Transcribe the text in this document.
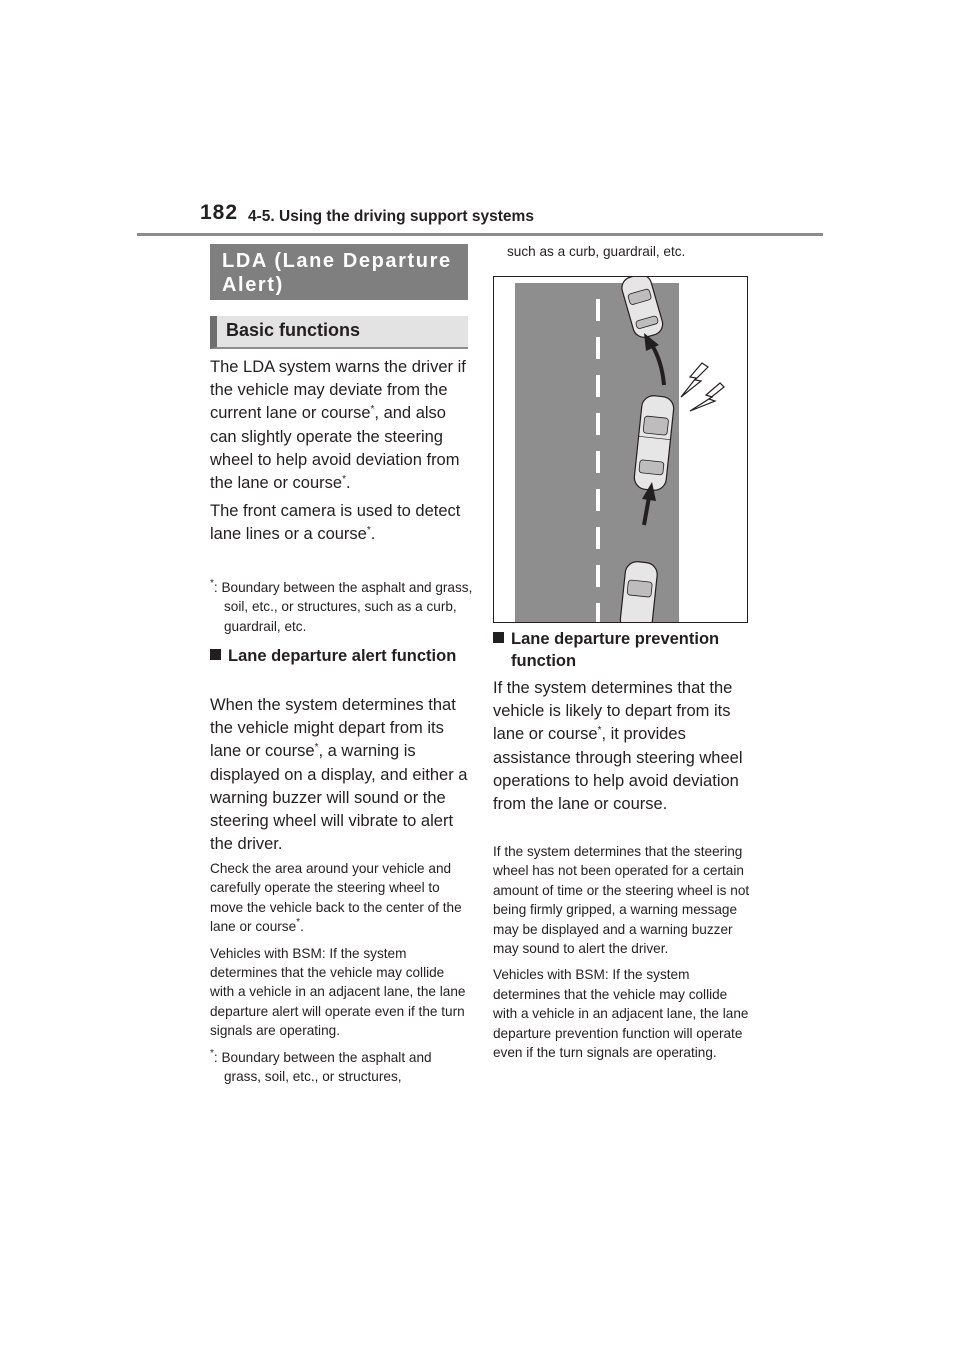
182 4-5. Using the driving support systems
LDA (Lane Departure Alert)
Basic functions

The LDA system warns the driver if the vehicle may deviate from the current lane or course*, and also can slightly operate the steering wheel to help avoid deviation from the lane or course*.

The front camera is used to detect lane lines or a course*.

*: Boundary between the asphalt and grass, soil, etc., or structures, such as a curb, guardrail, etc.
Lane departure alert function

When the system determines that the vehicle might depart from its lane or course*, a warning is displayed on a display, and either a warning buzzer will sound or the steering wheel will vibrate to alert the driver.

Check the area around your vehicle and carefully operate the steering wheel to move the vehicle back to the center of the lane or course*.

Vehicles with BSM: If the system determines that the vehicle may collide with a vehicle in an adjacent lane, the lane departure alert will operate even if the turn signals are operating.

*: Boundary between the asphalt and grass, soil, etc., or structures,

such as a curb, guardrail, etc.
Lane departure prevention function

If the system determines that the vehicle is likely to depart from its lane or course*, it provides assistance through steering wheel operations to help avoid deviation from the lane or course.

If the system determines that the steering wheel has not been operated for a certain amount of time or the steering wheel is not being firmly gripped, a warning message may be displayed and a warning buzzer may sound to alert the driver.

Vehicles with BSM: If the system determines that the vehicle may collide with a vehicle in an adjacent lane, the lane departure prevention function will operate even if the turn signals are operating.
